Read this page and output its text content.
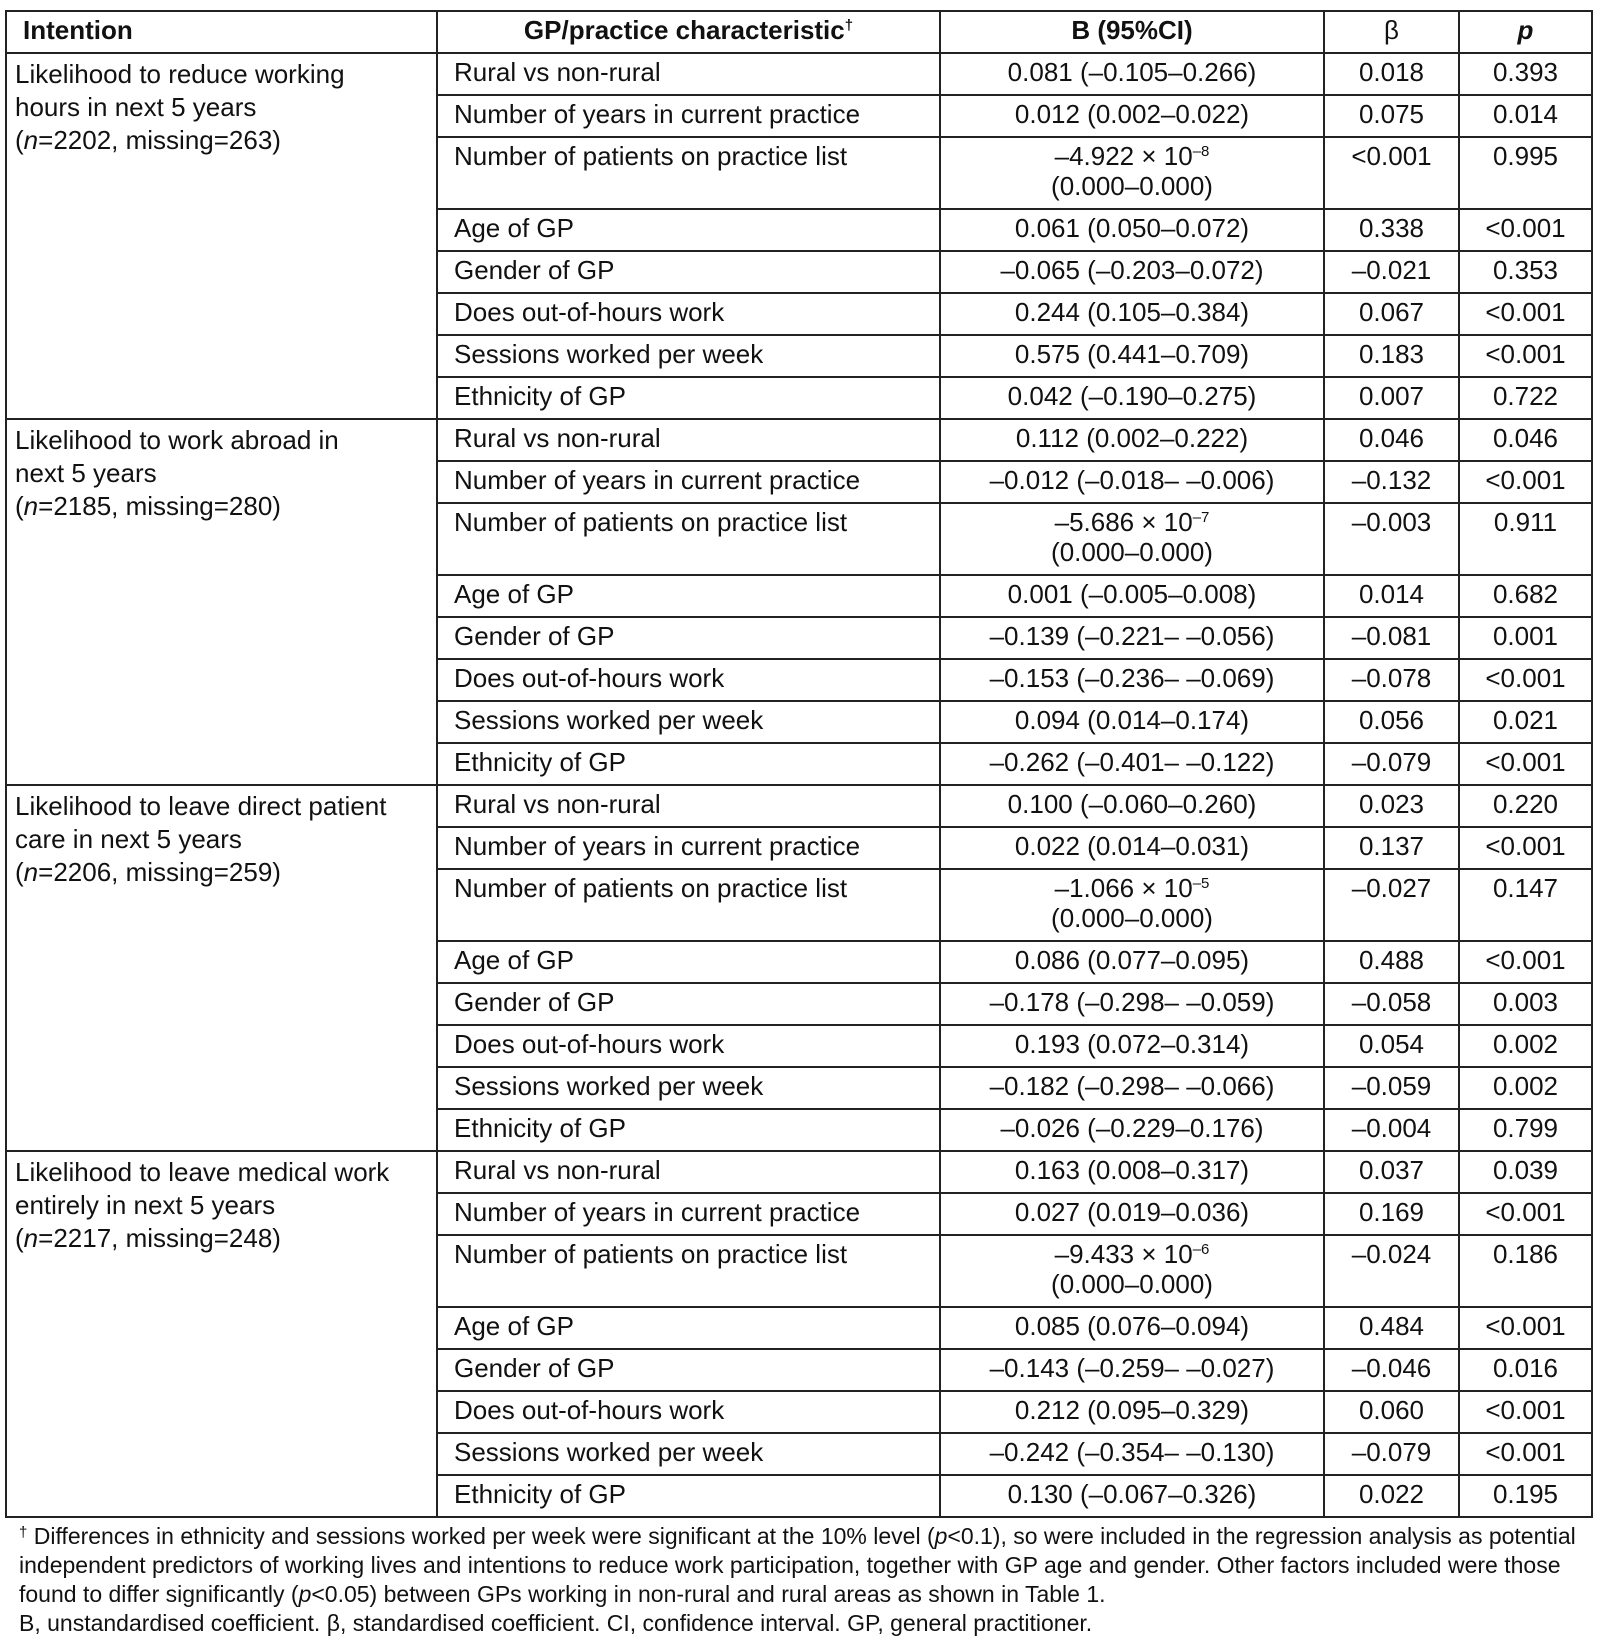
Intention	GP/practice characteristic†	B (95%CI)	β	p

Likelihood to reduce working
hours in next 5 years
(n=2202, missing=263)	Rural vs non-rural	0.081 (–0.105–0.266)	0.018	0.393
	Number of years in current practice	0.012 (0.002–0.022)	0.075	0.014
	Number of patients on practice list	$-4.922 \times 10^{-8}$
(0.000–0.000)	<0.001	0.995
	Age of GP	0.061 (0.050–0.072)	0.338	<0.001
	Gender of GP	–0.065 (–0.203–0.072)	–0.021	0.353
	Does out-of-hours work	0.244 (0.105–0.384)	0.067	<0.001
	Sessions worked per week	0.575 (0.441–0.709)	0.183	<0.001
	Ethnicity of GP	0.042 (–0.190–0.275)	0.007	0.722

Likelihood to work abroad in
next 5 years
(n=2185, missing=280)	Rural vs non-rural	0.112 (0.002–0.222)	0.046	0.046
	Number of years in current practice	–0.012 (–0.018– –0.006)	–0.132	<0.001
	Number of patients on practice list	$-5.686 \times 10^{-7}$
(0.000–0.000)	–0.003	0.911
	Age of GP	0.001 (–0.005–0.008)	0.014	0.682
	Gender of GP	–0.139 (–0.221– –0.056)	–0.081	0.001
	Does out-of-hours work	–0.153 (–0.236– –0.069)	–0.078	<0.001
	Sessions worked per week	0.094 (0.014–0.174)	0.056	0.021
	Ethnicity of GP	–0.262 (–0.401– –0.122)	–0.079	<0.001

Likelihood to leave direct patient
care in next 5 years
(n=2206, missing=259)	Rural vs non-rural	0.100 (–0.060–0.260)	0.023	0.220
	Number of years in current practice	0.022 (0.014–0.031)	0.137	<0.001
	Number of patients on practice list	$-1.066 \times 10^{-5}$
(0.000–0.000)	–0.027	0.147
	Age of GP	0.086 (0.077–0.095)	0.488	<0.001
	Gender of GP	–0.178 (–0.298– –0.059)	–0.058	0.003
	Does out-of-hours work	0.193 (0.072–0.314)	0.054	0.002
	Sessions worked per week	–0.182 (–0.298– –0.066)	–0.059	0.002
	Ethnicity of GP	–0.026 (–0.229–0.176)	–0.004	0.799

Likelihood to leave medical work
entirely in next 5 years
(n=2217, missing=248)	Rural vs non-rural	0.163 (0.008–0.317)	0.037	0.039
	Number of years in current practice	0.027 (0.019–0.036)	0.169	<0.001
	Number of patients on practice list	$-9.433 \times 10^{-6}$
(0.000–0.000)	–0.024	0.186
	Age of GP	0.085 (0.076–0.094)	0.484	<0.001
	Gender of GP	–0.143 (–0.259– –0.027)	–0.046	0.016
	Does out-of-hours work	0.212 (0.095–0.329)	0.060	<0.001
	Sessions worked per week	–0.242 (–0.354– –0.130)	–0.079	<0.001
	Ethnicity of GP	0.130 (–0.067–0.326)	0.022	0.195

† Differences in ethnicity and sessions worked per week were significant at the 10% level (p<0.1), so were included in the regression analysis as potential independent predictors of working lives and intentions to reduce work participation, together with GP age and gender. Other factors included were those found to differ significantly (p<0.05) between GPs working in non-rural and rural areas as shown in Table 1.

B, unstandardised coefficient. β, standardised coefficient. CI, confidence interval. GP, general practitioner.
